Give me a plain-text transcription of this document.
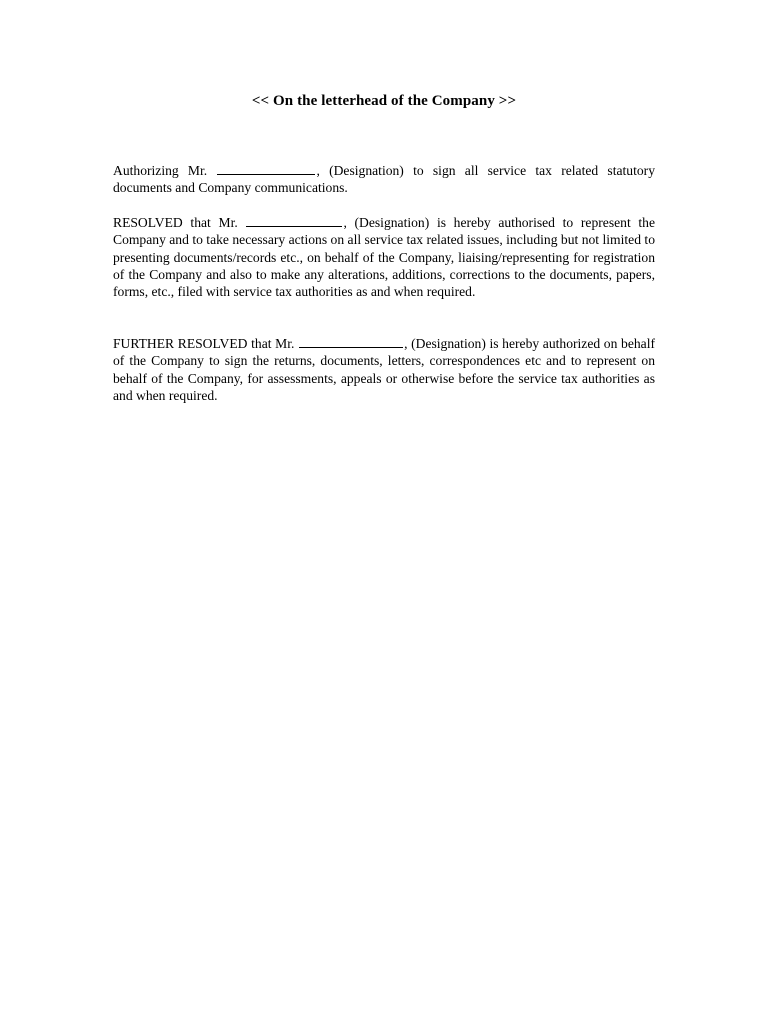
<< On the letterhead of the Company >>

Authorizing Mr.	, (Designation) to sign all service tax related statutory documents and Company communications.

RESOLVED that Mr.	, (Designation) is hereby authorised to represent the Company and to take necessary actions on all service tax related issues, including but not limited to presenting documents/records etc., on behalf of the Company, liaising/representing for registration of the Company and also to make any alterations, additions, corrections to the documents, papers, forms, etc., filed with service tax authorities as and when required.

FURTHER RESOLVED that Mr.	, (Designation) is hereby authorized on behalf of the Company to sign the returns, documents, letters, correspondences etc and to represent on behalf of the Company, for assessments, appeals or otherwise before the service tax authorities as and when required.
